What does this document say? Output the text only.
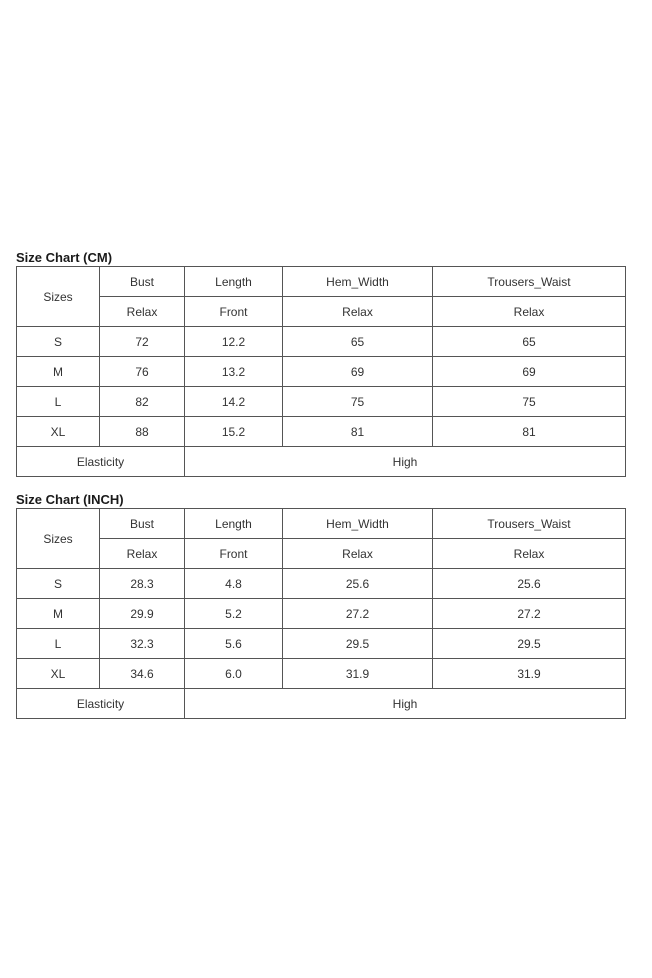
Size Chart (CM)
Sizes	Bust	Length	Hem_Width	Trousers_Waist
	Relax	Front	Relax	Relax
S	72	12.2	65	65
M	76	13.2	69	69
L	82	14.2	75	75
XL	88	15.2	81	81
Elasticity		High		
Size Chart (INCH)
Sizes	Bust	Length	Hem_Width	Trousers_Waist
	Relax	Front	Relax	Relax
S	28.3	4.8	25.6	25.6
M	29.9	5.2	27.2	27.2
L	32.3	5.6	29.5	29.5
XL	34.6	6.0	31.9	31.9
Elasticity		High		
